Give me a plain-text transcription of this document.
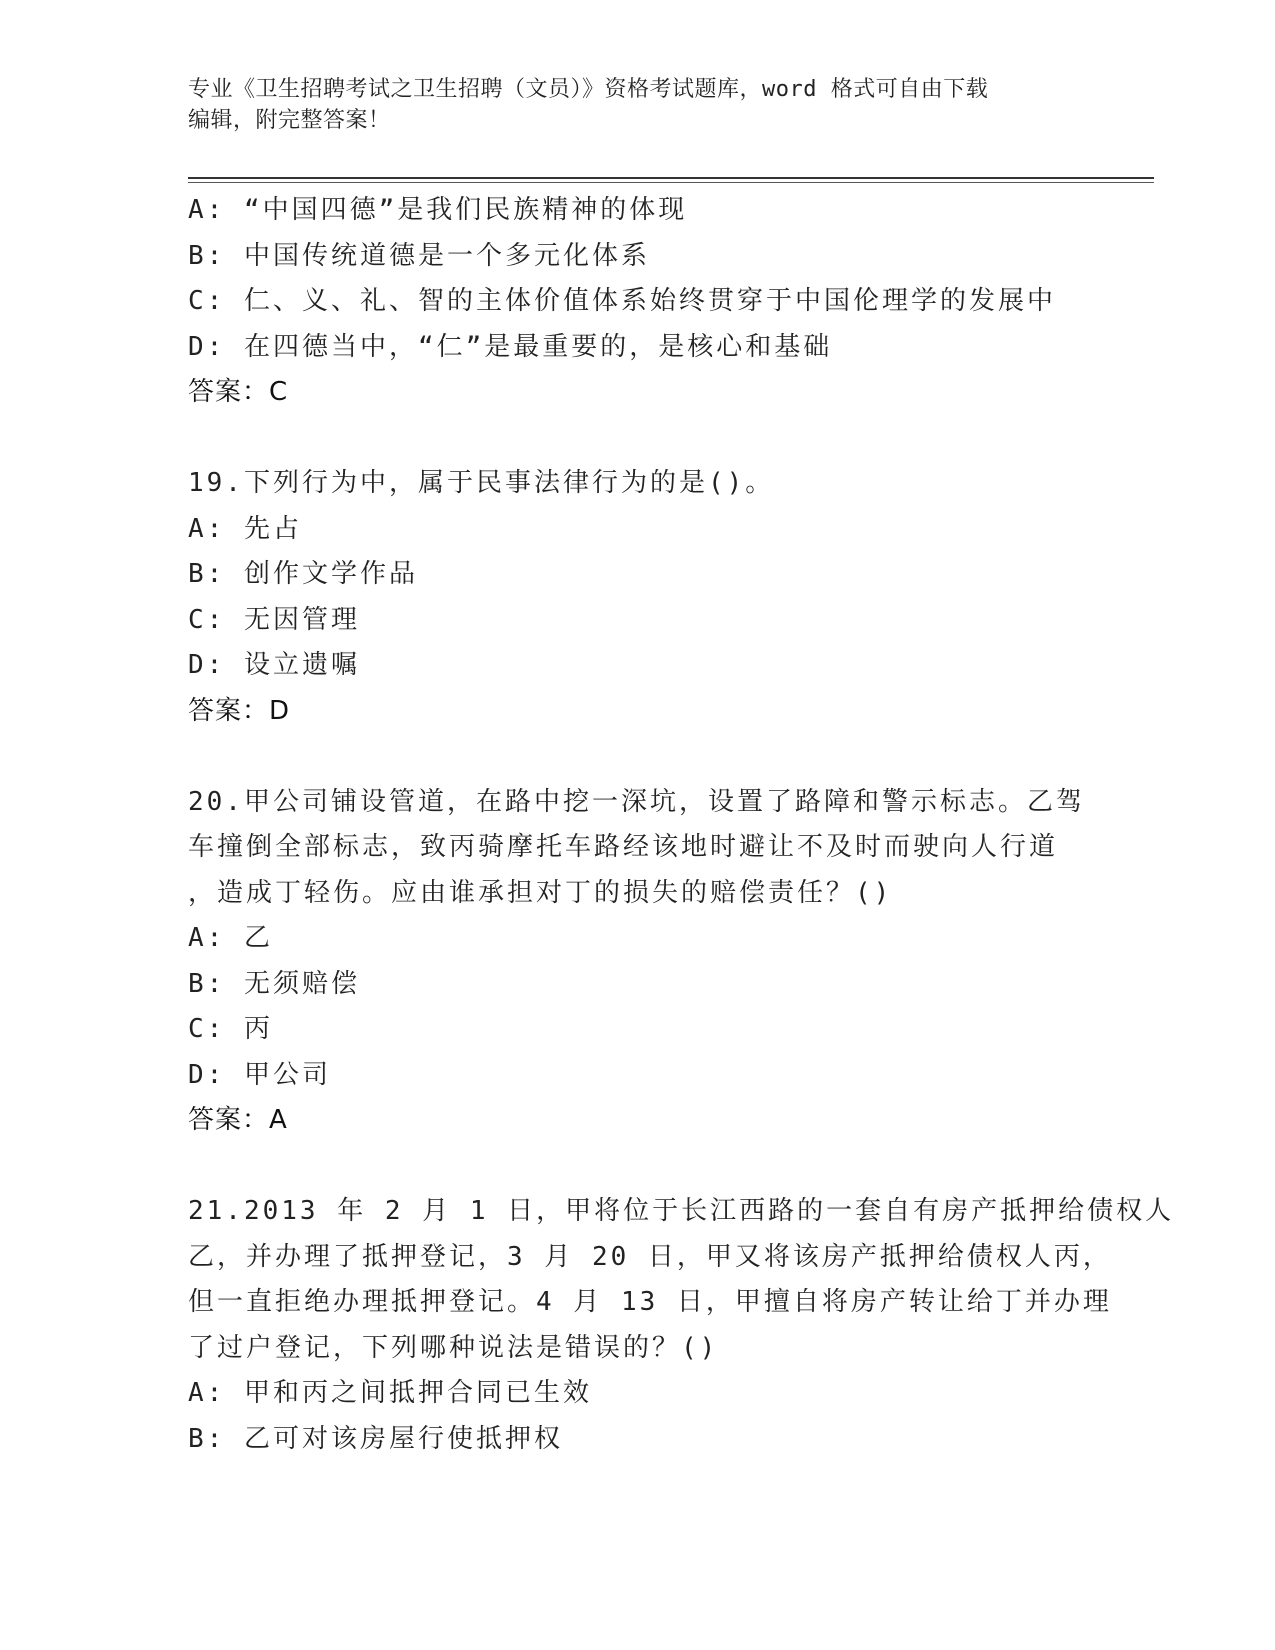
专业《卫生招聘考试之卫生招聘（文员）》资格考试题库，word 格式可自由下载
编辑，附完整答案！
A: “中国四德”是我们民族精神的体现
B: 中国传统道德是一个多元化体系
C: 仁、义、礼、智的主体价值体系始终贯穿于中国伦理学的发展中
D: 在四德当中，“仁”是最重要的，是核心和基础
答案：C
19.下列行为中，属于民事法律行为的是()。
A: 先占
B: 创作文学作品
C: 无因管理
D: 设立遗嘱
答案：D
20.甲公司铺设管道，在路中挖一深坑，设置了路障和警示标志。乙驾
车撞倒全部标志，致丙骑摩托车路经该地时避让不及时而驶向人行道
，造成丁轻伤。应由谁承担对丁的损失的赔偿责任？()
A: 乙
B: 无须赔偿
C: 丙
D: 甲公司
答案：A
21.2013 年 2 月 1 日，甲将位于长江西路的一套自有房产抵押给债权人
乙，并办理了抵押登记，3 月 20 日，甲又将该房产抵押给债权人丙，
但一直拒绝办理抵押登记。4 月 13 日，甲擅自将房产转让给丁并办理
了过户登记，下列哪种说法是错误的？()
A: 甲和丙之间抵押合同已生效
B: 乙可对该房屋行使抵押权
